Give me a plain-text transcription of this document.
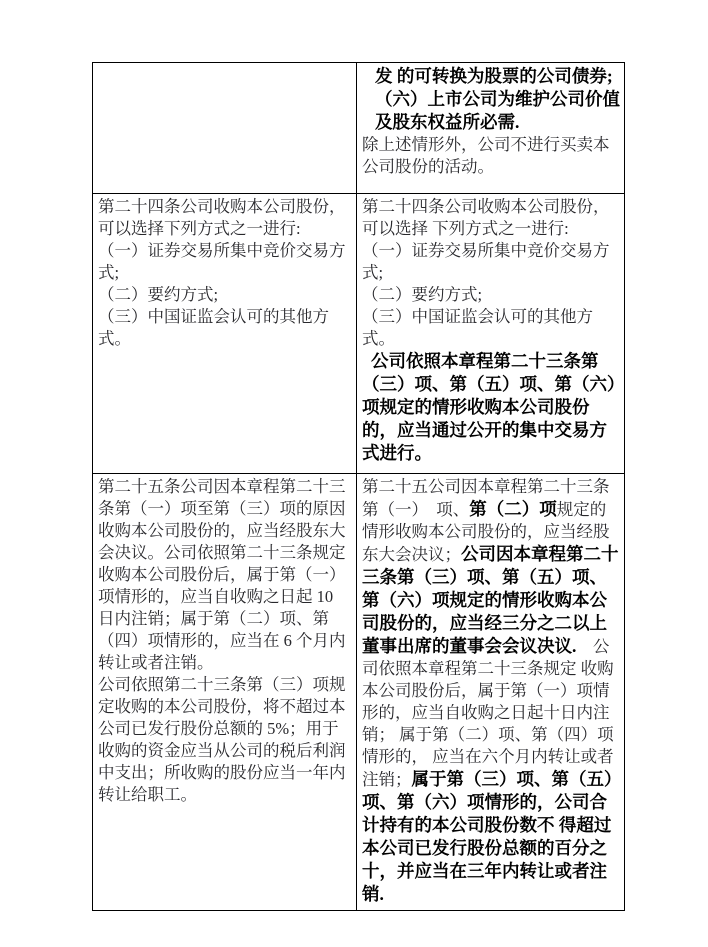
发 的可转换为股票的公司债券;

（六）上市公司为维护公司价值及股东权益所必需.

除上述情形外，公司不进行买卖本公司股份的活动。

第二十四条公司收购本公司股份，可以选择下列方式之一进行:

（一）证券交易所集中竞价交易方式;

（二）要约方式;

（三）中国证监会认可的其他方式。

第二十四条公司收购本公司股份，可以选择 下列方式之一进行:

（一）证券交易所集中竞价交易方式;

（二）要约方式;

（三）中国证监会认可的其他方式。

公司依照本章程第二十三条第（三）项、第（五）项、第（六）项规定的情形收购本公司股份的，应当通过公开的集中交易方式进行。

第二十五条公司因本章程第二十三条第（一）项至第（三）项的原因收购本公司股份的，应当经股东大会决议。公司依照第二十三条规定收购本公司股份后，属于第（一）项情形的，应当自收购之日起 10 日内注销；属于第（二）项、第（四）项情形的，应当在 6 个月内转让或者注销。

公司依照第二十三条第（三）项规定收购的本公司股份，将不超过本公司已发行股份总额的 5%；用于收购的资金应当从公司的税后利润中支出；所收购的股份应当一年内转让给职工。

第二十五公司因本章程第二十三条第（一）　项、第（二）项规定的情形收购本公司股份的，应当经股东大会决议；公司因本章程第二十三条第（三）项、第（五）项、第（六）项规定的情形收购本公司股份的，应当经三分之二以上董事出席的董事会会议决议.　公司依照本章程第二十三条规定 收购本公司股份后，属于第（一）项情 形的，应当自收购之日起十日内注销； 属于第（二）项、第（四）项情形的， 应当在六个月内转让或者注销；属于第（三）项、第（五）项、第（六）项情形的，公司合计持有的本公司股份数不 得超过本公司已发行股份总额的百分之十，并应当在三年内转让或者注销.
